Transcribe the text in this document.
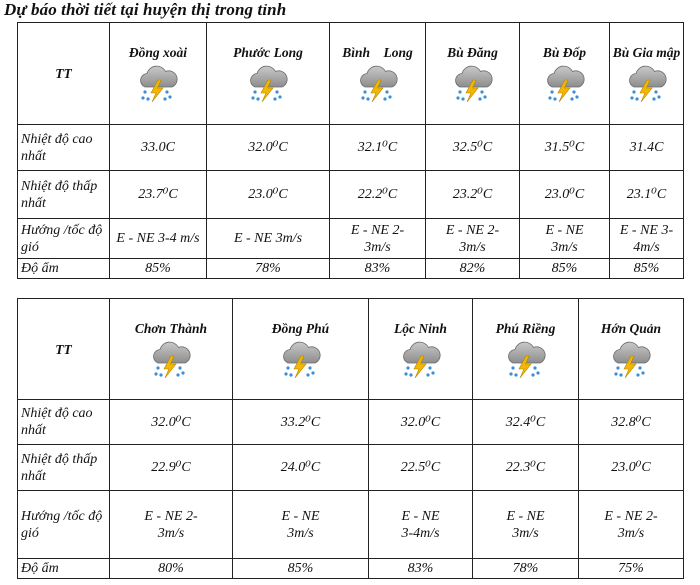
Dự báo thời tiết tại huyện thị trong tỉnh
TT	Đồng xoài	Phước Long	Bình    Long	Bù Đăng	Bù Đốp	Bù Gia mập

Nhiệt độ cao nhất	33.0C	32.0⁰C	32.1⁰C	32.5⁰C	31.5⁰C	31.4C
Nhiệt độ thấp   nhất	23.7⁰C	23.0⁰C	22.2⁰C	23.2⁰C	23.0⁰C	23.1⁰C
Hướng /tốc độ gió	E - NE 3-4 m/s	E - NE 3m/s	E - NE 2-3m/s	E - NE 2-3m/s	E - NE 3m/s	E - NE 3-4m/s
Độ ẩm	85%	78%	83%	82%	85%	85%
TT	Chơn Thành	Đồng Phú	Lộc Ninh	Phú Riềng	Hớn Quản

Nhiệt độ cao nhất	32.0⁰C	33.2⁰C	32.0⁰C	32.4⁰C	32.8⁰C
Nhiệt độ thấp nhất	22.9⁰C	24.0⁰C	22.5⁰C	22.3⁰C	23.0⁰C
Hướng /tốc độ gió	E - NE 2-3m/s	E - NE 3m/s	E - NE 3-4m/s	E - NE 3m/s	E - NE 2-3m/s
Độ ẩm	80%	85%	83%	78%	75%
